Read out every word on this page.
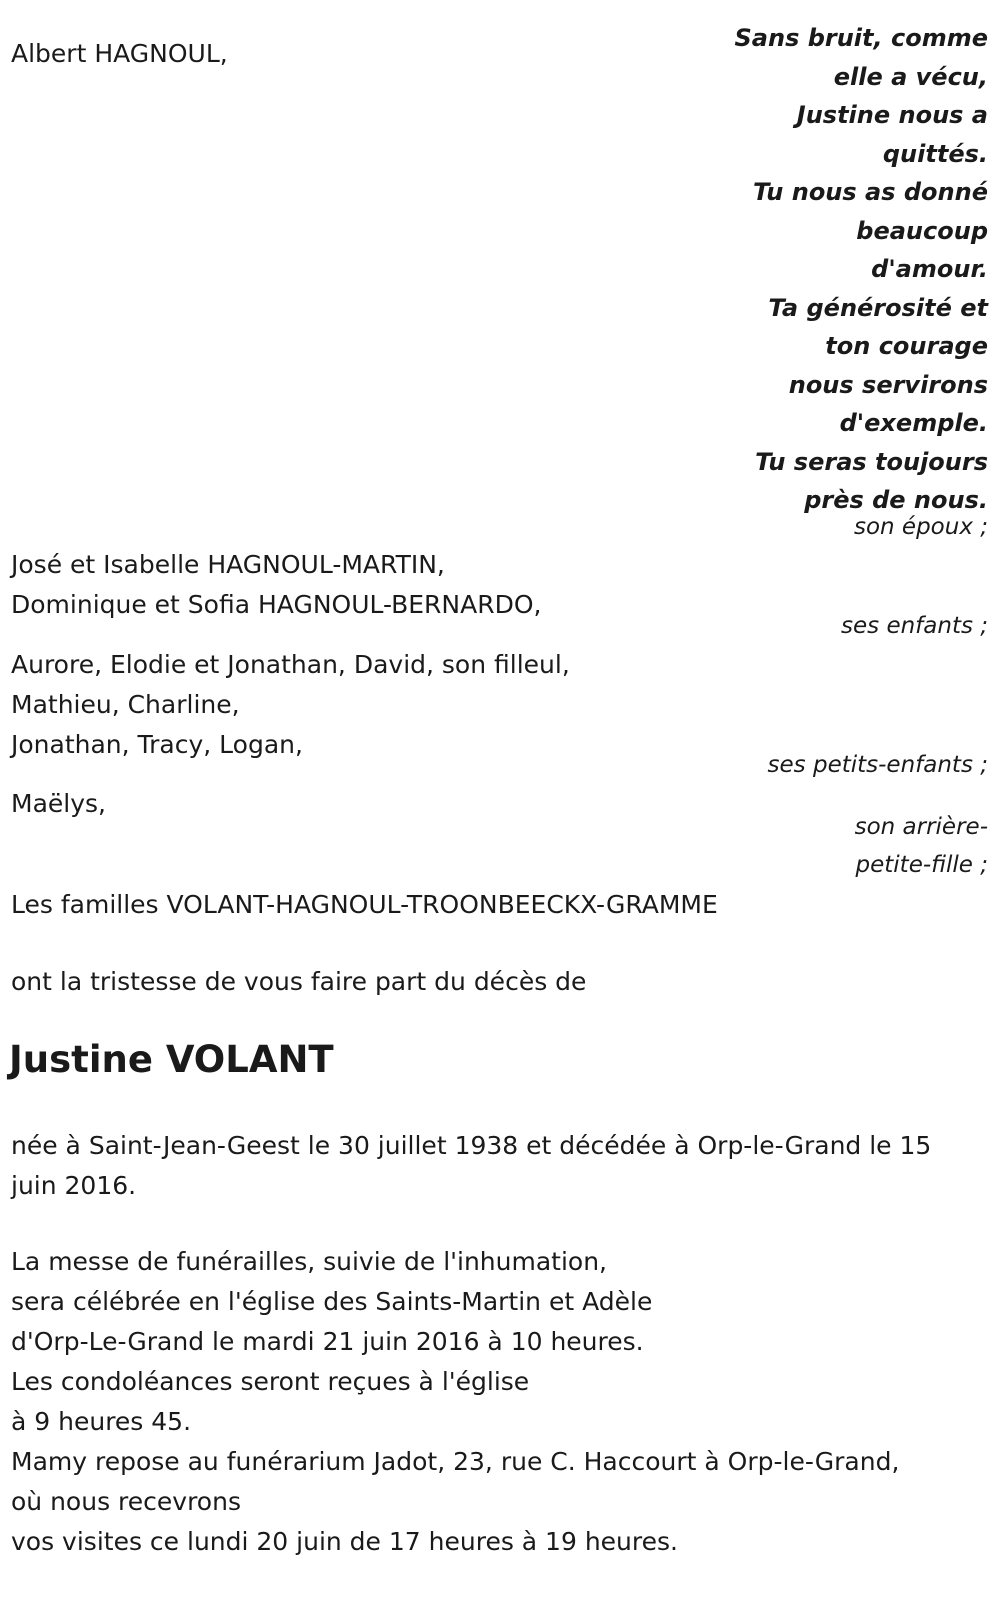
Albert HAGNOUL,
Sans bruit, comme
elle a vécu,
Justine nous a
quittés.
Tu nous as donné
beaucoup
d'amour.
Ta générosité et
ton courage
nous servirons
d'exemple.
Tu seras toujours
près de nous.
son époux ;
José et Isabelle HAGNOUL-MARTIN,
Dominique et Sofia HAGNOUL-BERNARDO,
ses enfants ;
Aurore, Elodie et Jonathan, David, son filleul,
Mathieu, Charline,
Jonathan, Tracy, Logan,
ses petits-enfants ;
Maëlys,
son arrière-
petite-fille ;
Les familles VOLANT-HAGNOUL-TROONBEECKX-GRAMME
ont la tristesse de vous faire part du décès de
Justine VOLANT
née à Saint-Jean-Geest le 30 juillet 1938 et décédée à Orp-le-Grand le 15
juin 2016.
La messe de funérailles, suivie de l'inhumation,
sera célébrée en l'église des Saints-Martin et Adèle
d'Orp-Le-Grand le mardi 21 juin 2016 à 10 heures.
Les condoléances seront reçues à l'église
à 9 heures 45.
Mamy repose au funérarium Jadot, 23, rue C. Haccourt à Orp-le-Grand,
où nous recevrons
vos visites ce lundi 20 juin de 17 heures à 19 heures.
